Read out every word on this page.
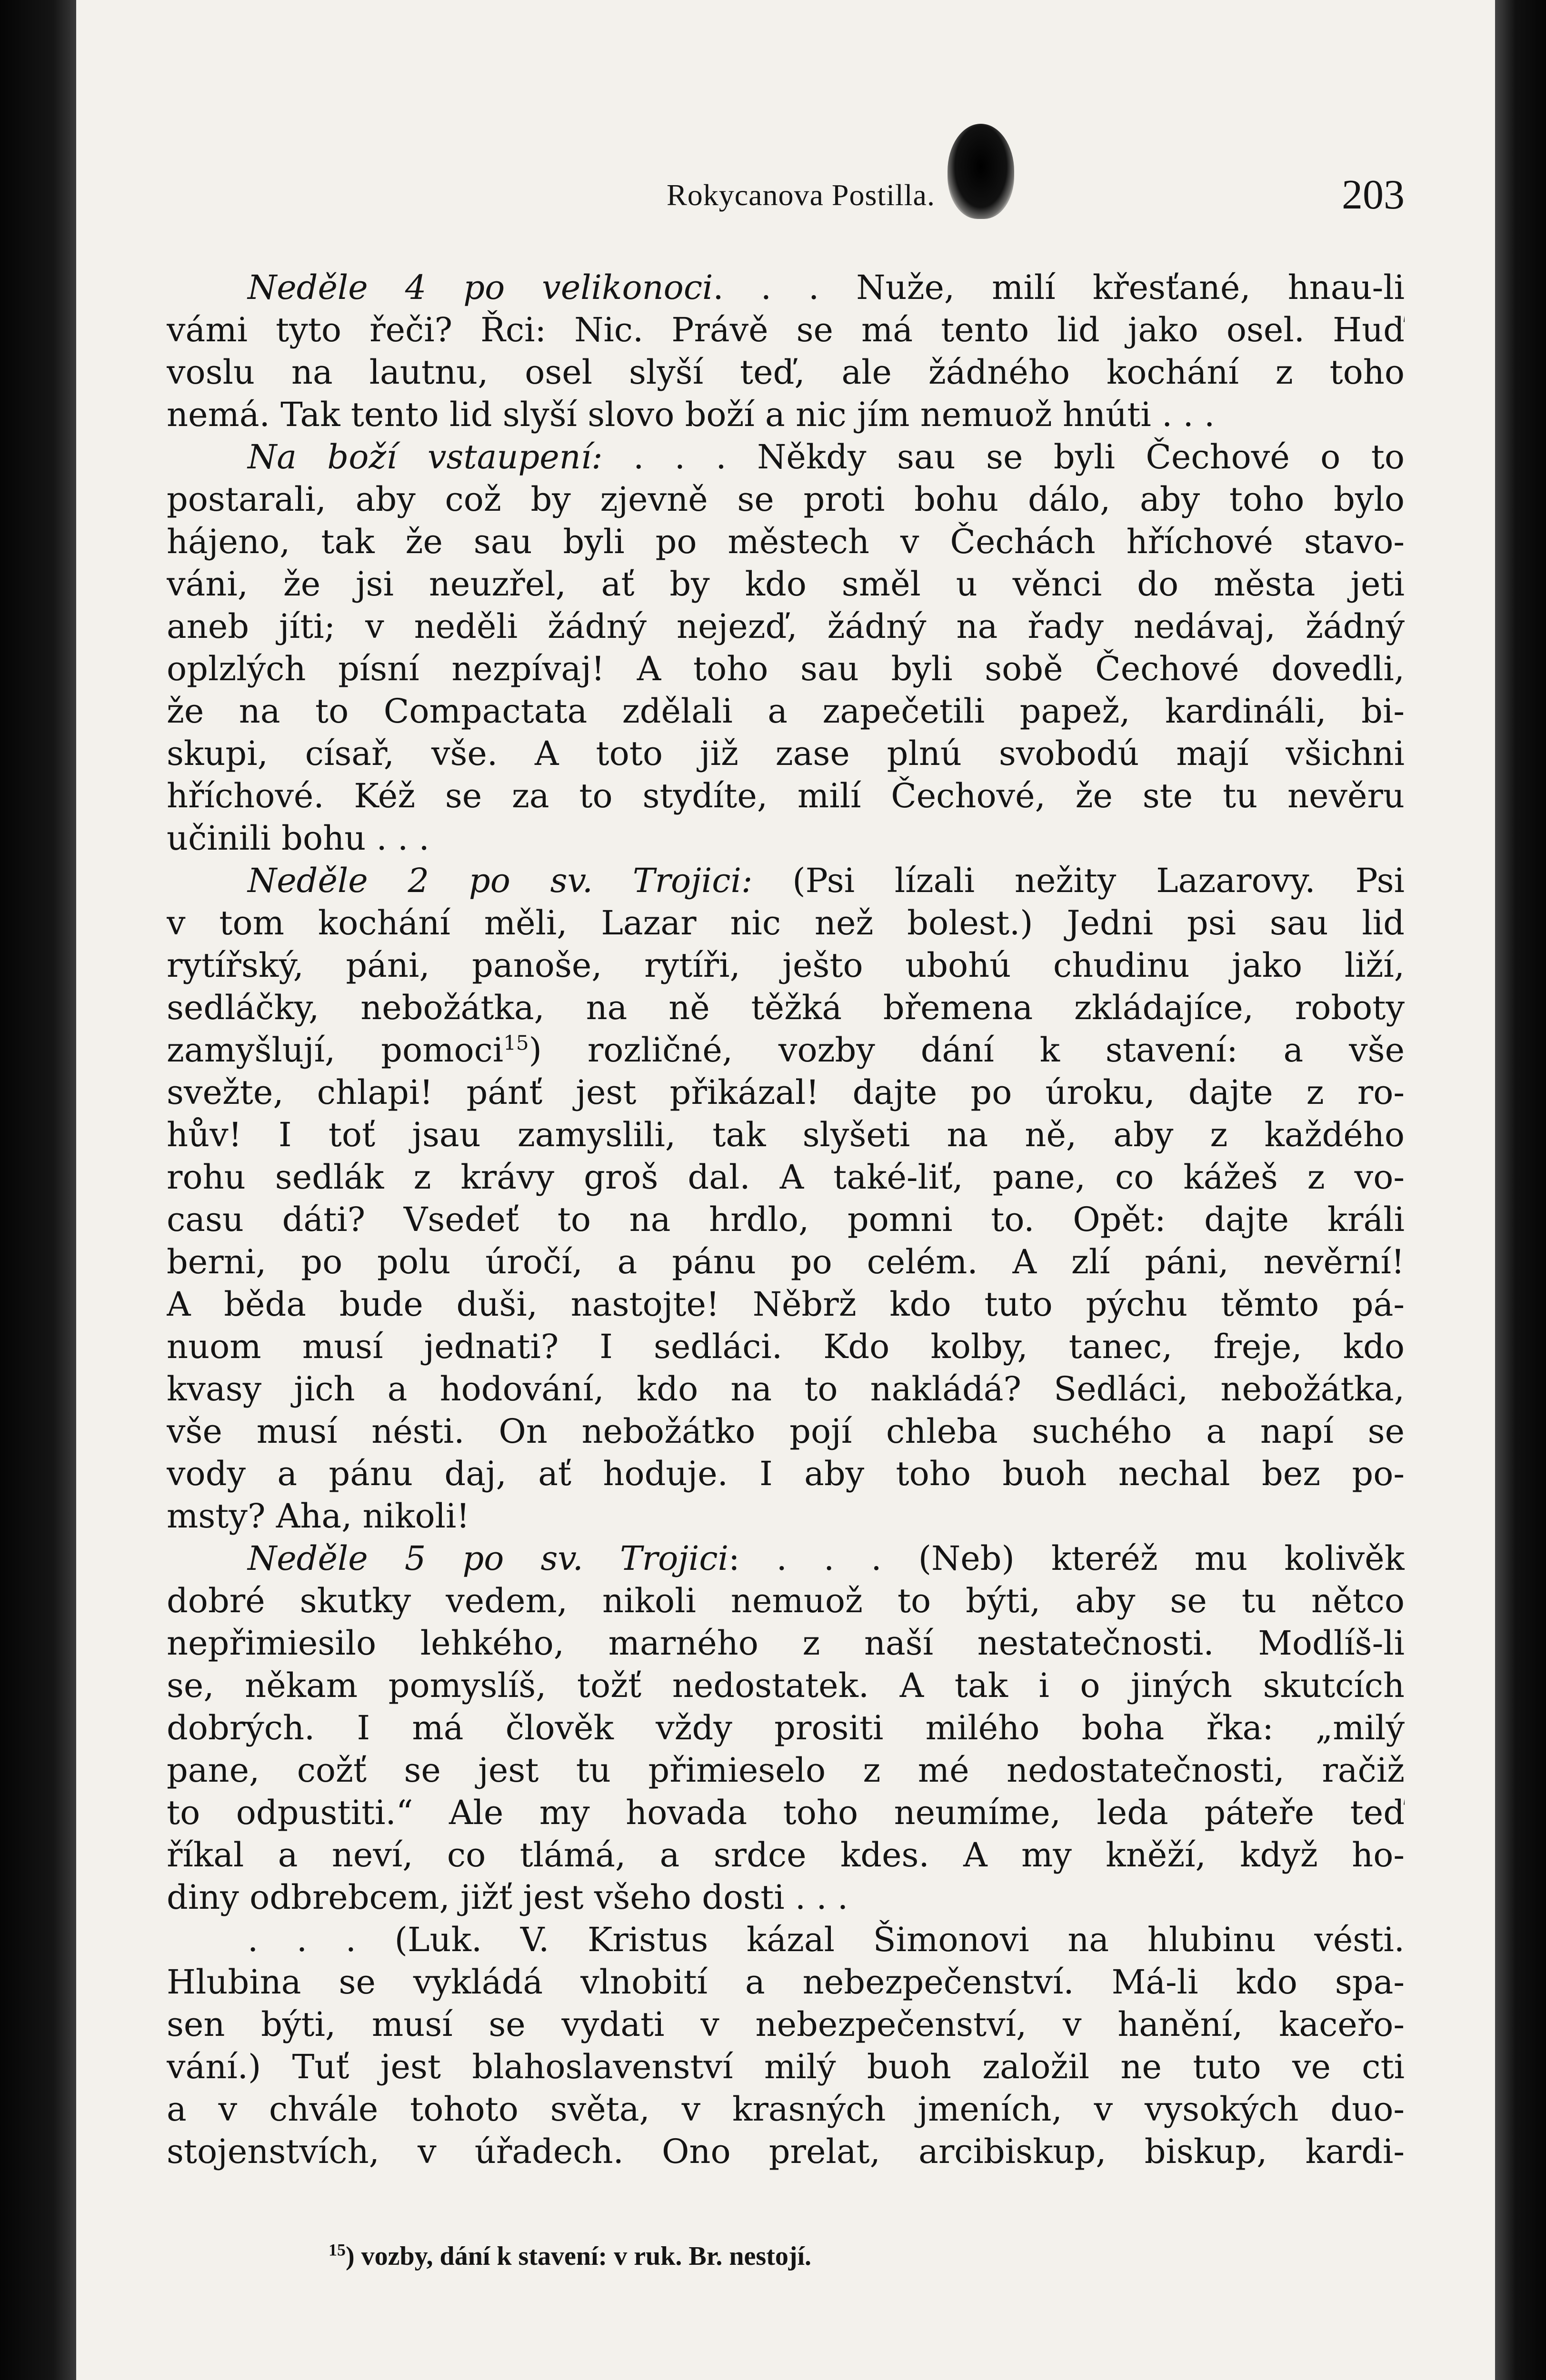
Rokycanova Postilla.	203
Neděle 4 po velikonoci. . . Nuže, milí křesťané, hnau-li
vámi tyto řeči? Řci: Nic. Právě se má tento lid jako osel. Huď
voslu na lautnu, osel slyší teď, ale žádného kochání z toho
nemá. Tak tento lid slyší slovo boží a nic jím nemuož hnúti . . .
Na boží vstaupení: . . . Někdy sau se byli Čechové o to
postarali, aby což by zjevně se proti bohu dálo, aby toho bylo
hájeno, tak že sau byli po městech v Čechách hříchové stavo-
váni, že jsi neuzřel, ať by kdo směl u věnci do města jeti
aneb jíti; v neděli žádný nejezď, žádný na řady nedávaj, žádný
oplzlých písní nezpívaj! A toho sau byli sobě Čechové dovedli,
že na to Compactata zdělali a zapečetili papež, kardináli, bi-
skupi, císař, vše. A toto již zase plnú svobodú mají všichni
hříchové. Kéž se za to stydíte, milí Čechové, že ste tu nevěru
učinili bohu . . .
Neděle 2 po sv. Trojici: (Psi lízali nežity Lazarovy. Psi
v tom kochání měli, Lazar nic než bolest.) Jedni psi sau lid
rytířský, páni, panoše, rytíři, ješto ubohú chudinu jako liží,
sedláčky, nebožátka, na ně těžká břemena zkládajíce, roboty
zamyšlují, pomoci$^{15}$) rozličné, vozby dání k stavení: a vše
svežte, chlapi! pánť jest přikázal! dajte po úroku, dajte z ro-
hův! I toť jsau zamyslili, tak slyšeti na ně, aby z každého
rohu sedlák z krávy groš dal. A také-liť, pane, co kážeš z vo-
casu dáti? Vsedeť to na hrdlo, pomni to. Opět: dajte králi
berni, po polu úročí, a pánu po celém. A zlí páni, nevěrní!
A běda bude duši, nastojte! Něbrž kdo tuto pýchu těmto pá-
nuom musí jednati? I sedláci. Kdo kolby, tanec, freje, kdo
kvasy jich a hodování, kdo na to nakládá? Sedláci, nebožátka,
vše musí nésti. On nebožátko pojí chleba suchého a napí se
vody a pánu daj, ať hoduje. I aby toho buoh nechal bez po-
msty? Aha, nikoli!
Neděle 5 po sv. Trojici: . . . (Neb) kteréž mu kolivěk
dobré skutky vedem, nikoli nemuož to býti, aby se tu nětco
nepřimiesilo lehkého, marného z naší nestatečnosti. Modlíš-li
se, někam pomyslíš, tožť nedostatek. A tak i o jiných skutcích
dobrých. I má člověk vždy prositi milého boha řka: „milý
pane, cožť se jest tu přimieselo z mé nedostatečnosti, račiž
to odpustiti.“ Ale my hovada toho neumíme, leda páteře teď
říkal a neví, co tlámá, a srdce kdes. A my kněží, když ho-
diny odbrebcem, jižť jest všeho dosti . . .
. . . (Luk. V. Kristus kázal Šimonovi na hlubinu vésti.
Hlubina se vykládá vlnobití a nebezpečenství. Má-li kdo spa-
sen býti, musí se vydati v nebezpečenství, v hanění, kaceřo-
vání.) Tuť jest blahoslavenství milý buoh založil ne tuto ve cti
a v chvále tohoto světa, v krasných jmeních, v vysokých duo-
stojenstvích, v úřadech. Ono prelat, arcibiskup, biskup, kardi-
$^{15}$) vozby, dání k stavení: v ruk. Br. nestojí.
